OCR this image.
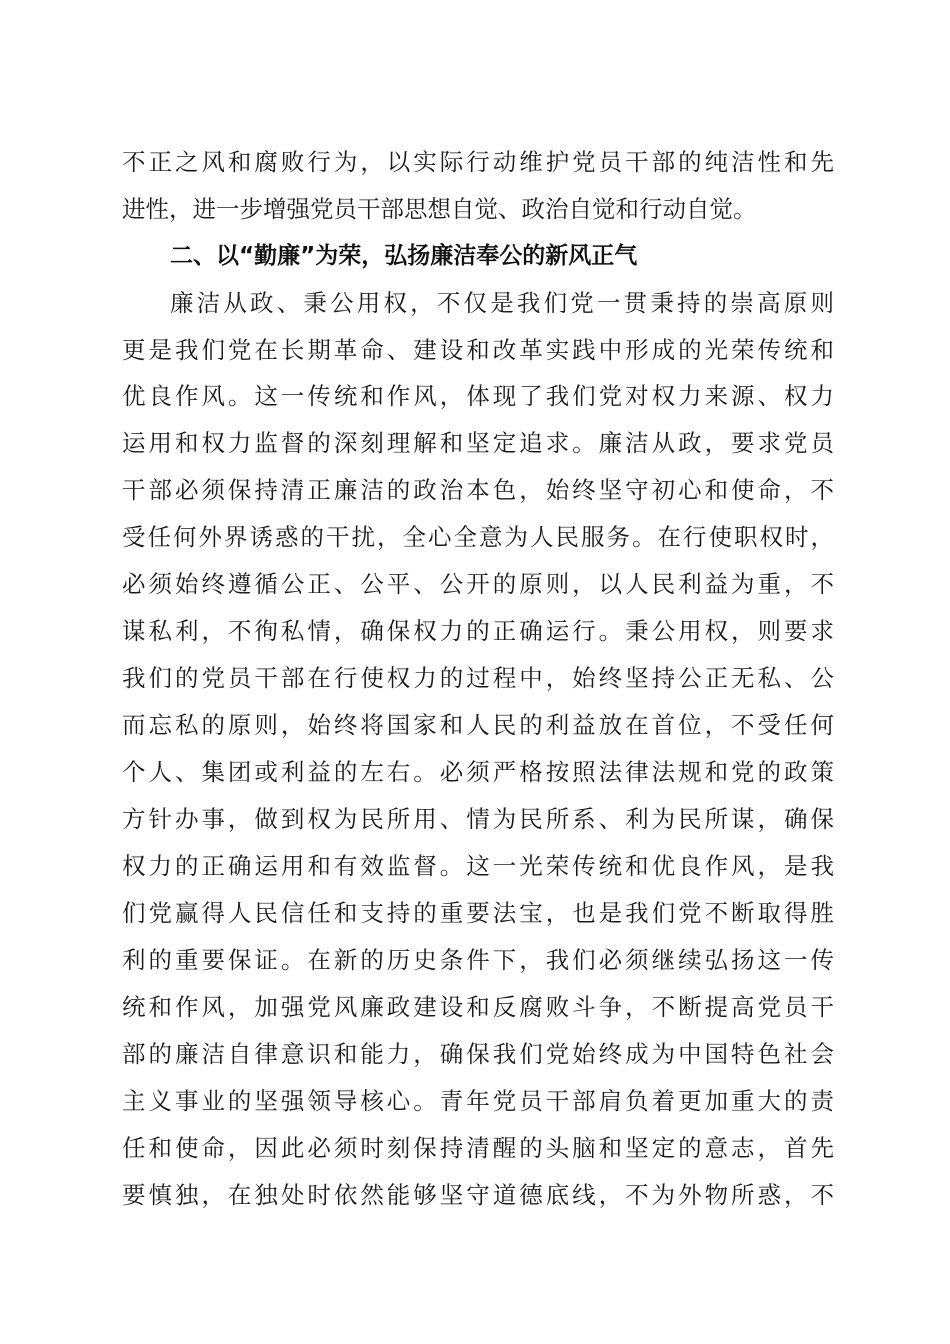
不正之风和腐败行为，以实际行动维护党员干部的纯洁性和先
进性，进一步增强党员干部思想自觉、政治自觉和行动自觉。
二、以“勤廉”为荣，弘扬廉洁奉公的新风正气
廉洁从政、秉公用权，不仅是我们党一贯秉持的崇高原则
更是我们党在长期革命、建设和改革实践中形成的光荣传统和
优良作风。这一传统和作风，体现了我们党对权力来源、权力
运用和权力监督的深刻理解和坚定追求。廉洁从政，要求党员
干部必须保持清正廉洁的政治本色，始终坚守初心和使命，不
受任何外界诱惑的干扰，全心全意为人民服务。在行使职权时，
必须始终遵循公正、公平、公开的原则，以人民利益为重，不
谋私利，不徇私情，确保权力的正确运行。秉公用权，则要求
我们的党员干部在行使权力的过程中，始终坚持公正无私、公
而忘私的原则，始终将国家和人民的利益放在首位，不受任何
个人、集团或利益的左右。必须严格按照法律法规和党的政策
方针办事，做到权为民所用、情为民所系、利为民所谋，确保
权力的正确运用和有效监督。这一光荣传统和优良作风，是我
们党赢得人民信任和支持的重要法宝，也是我们党不断取得胜
利的重要保证。在新的历史条件下，我们必须继续弘扬这一传
统和作风，加强党风廉政建设和反腐败斗争，不断提高党员干
部的廉洁自律意识和能力，确保我们党始终成为中国特色社会
主义事业的坚强领导核心。青年党员干部肩负着更加重大的责
任和使命，因此必须时刻保持清醒的头脑和坚定的意志，首先
要慎独，在独处时依然能够坚守道德底线，不为外物所惑，不
